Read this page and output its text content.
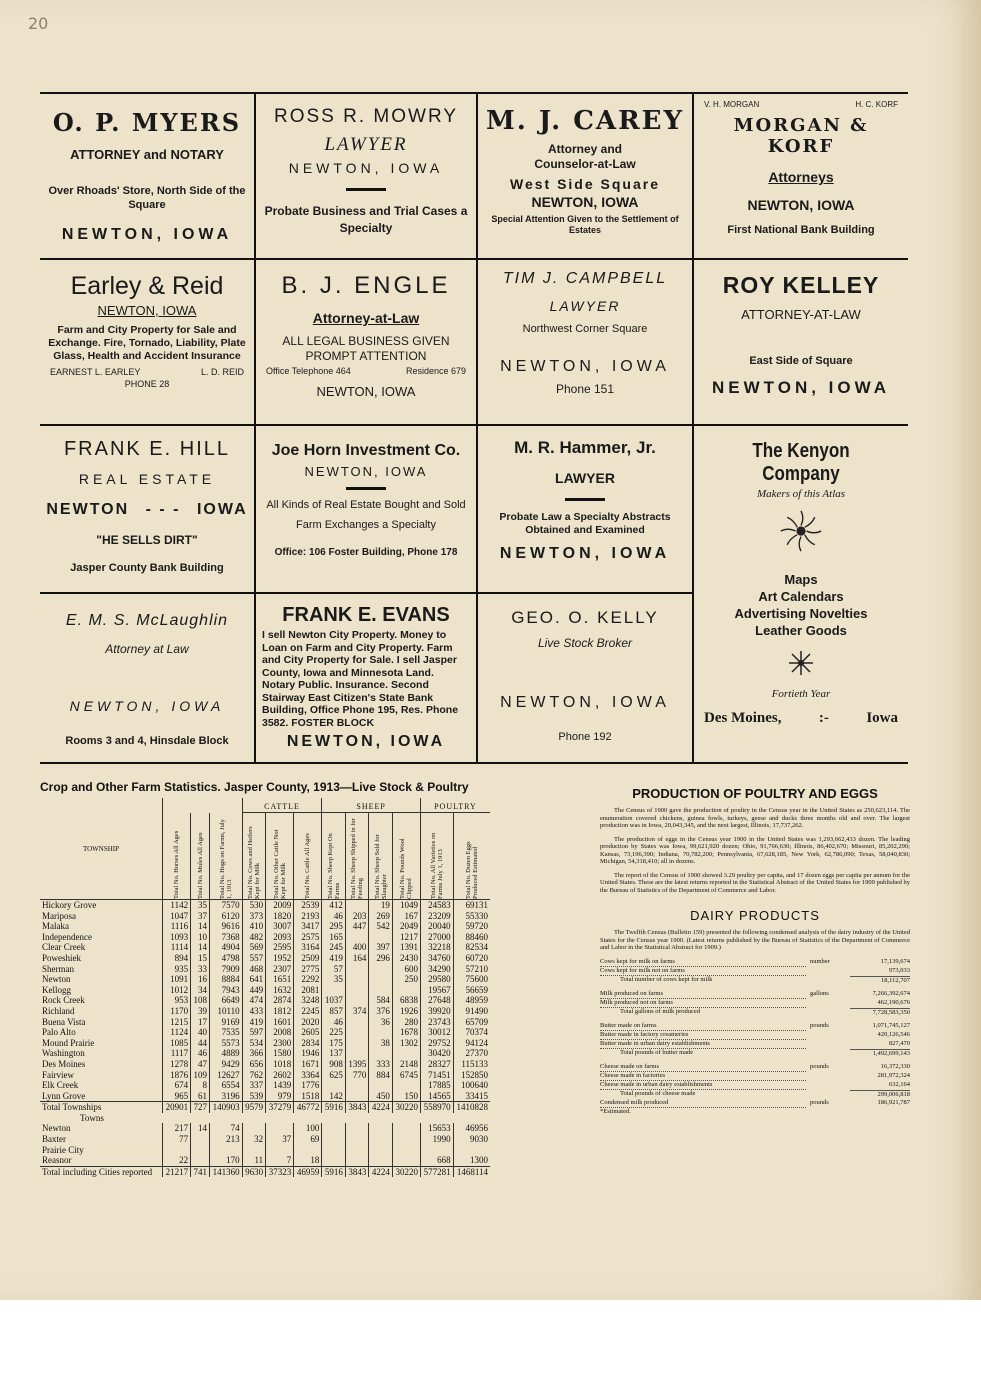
20
O. P. MYERS
ATTORNEY and NOTARY
Over Rhoads' Store, North Side of the Square
NEWTON, IOWA
ROSS R. MOWRY
LAWYER
NEWTON, IOWA
Probate Business and Trial Cases a Specialty
M. J. CAREY
Attorney and Counselor-at-Law
West Side Square
NEWTON, IOWA
Special Attention Given to the Settlement of Estates
V. H. MORGAN	H. C. KORF
MORGAN & KORF
Attorneys
NEWTON, IOWA
First National Bank Building
Earley & Reid
NEWTON, IOWA
Farm and City Property for Sale and Exchange. Fire, Tornado, Liability, Plate Glass, Health and Accident Insurance
EARNEST L. EARLEY	L. D. REID
PHONE 28
B. J. ENGLE
Attorney-at-Law
ALL LEGAL BUSINESS GIVEN PROMPT ATTENTION
Office Telephone 464	Residence 679
NEWTON, IOWA
TIM J. CAMPBELL
LAWYER
Northwest Corner Square
NEWTON, IOWA
Phone 151
ROY KELLEY
ATTORNEY-AT-LAW
East Side of Square
NEWTON, IOWA
FRANK E. HILL
REAL ESTATE
NEWTON - - - IOWA
"HE SELLS DIRT"
Jasper County Bank Building
Joe Horn Investment Co.
NEWTON, IOWA
All Kinds of Real Estate Bought and Sold
Farm Exchanges a Specialty
Office: 106 Foster Building, Phone 178
M. R. Hammer, Jr.
LAWYER
Probate Law a Specialty Abstracts Obtained and Examined
NEWTON, IOWA
The Kenyon Company
Makers of this Atlas
Maps
Art Calendars
Advertising Novelties
Leather Goods
Fortieth Year
Des Moines, :- Iowa
E. M. S. McLaughlin
Attorney at Law
NEWTON, IOWA
Rooms 3 and 4, Hinsdale Block
FRANK E. EVANS
I sell Newton City Property. Money to Loan on Farm and City Property. Farm and City Property for Sale. I sell Jasper County, Iowa and Minnesota Land. Notary Public. Insurance. Second Stairway East Citizen's State Bank Building, Office Phone 195, Res. Phone 3582. FOSTER BLOCK
NEWTON, IOWA
GEO. O. KELLY
Live Stock Broker
NEWTON, IOWA
Phone 192
Crop and Other Farm Statistics. Jasper County, 1913—Live Stock & Poultry
TOWNSHIP				CATTLE			SHEEP				POULTRY	

	Total No. Horses All Ages	Total No. Mules All Ages	Total No. Hogs on Farms, July 1, 1913	Total No. Cows and Heifers Kept for Milk	Total No. Other Cattle Not Kept for Milk	Total No. Cattle All Ages	Total No. Sheep Kept On Farms	Total No. Sheep Shipped in for Feeding	Total No. Sheep Sold for Slaughter	Total No. Pounds Wool Clipped	Total No. All Varieties on Farms July 1, 1913	Total No. Dozen Eggs Produced Estimated

Hickory Grove	1142	35	7570	530	2009	2539	412		19	1049	24583	69131
Mariposa	1047	37	6120	373	1820	2193	46	203	269	167	23209	55330
Malaka	1116	14	9616	410	3007	3417	295	447	542	2049	20040	59720
Independence	1093	10	7368	482	2093	2575	165			1217	27000	88460
Clear Creek	1114	14	4904	569	2595	3164	245	400	397	1391	32218	82534
Poweshiek	894	15	4798	557	1952	2509	419	164	296	2430	34760	60720
Sherman	935	33	7909	468	2307	2775	57			600	34290	57210
Newton	1091	16	8884	641	1651	2292	35			250	29580	75600
Kellogg	1012	34	7943	449	1632	2081					19567	56659
Rock Creek	953	108	6649	474	2874	3248	1037		584	6838	27648	48959
Richland	1170	39	10110	433	1812	2245	857	374	376	1926	39920	91490
Buena Vista	1215	17	9169	419	1601	2020	46		36	280	23743	65709
Palo Alto	1124	40	7535	597	2008	2605	225			1678	30012	70374
Mound Prairie	1085	44	5573	534	2300	2834	175		38	1302	29752	94124
Washington	1117	46	4889	366	1580	1946	137				30420	27370
Des Moines	1278	47	9429	656	1018	1671	908	1395	333	2148	28327	115133
Fairview	1876	109	12627	762	2602	3364	625	770	884	6745	71451	152850
Elk Creek	674	8	6554	337	1439	1776					17885	100640
Lynn Grove	965	61	3196	539	979	1518	142		450	150	14565	33415
Total Townships	20901	727	140903	9579	37279	46772	5916	3843	4224	30220	558970	1410828
Towns												
Newton	217	14	74			100					15653	46956
Baxter	77		213	32	37	69					1990	9030
Prairie City												
Reasnor	22		170	11	7	18					668	1300
Total including Cities reported	21217	741	141360	9630	37323	46959	5916	3843	4224	30220	577281	1468114
PRODUCTION OF POULTRY AND EGGS

The Census of 1900 gave the production of poultry in the Census year in the United States as 250,623,114. The enumeration covered chickens, guinea fowls, turkeys, geese and ducks three months old and over. The largest production was in Iowa, 20,043,345, and the next largest, Illinois, 17,737,262.

The production of eggs in the Census year 1900 in the United States was 1,293,662,433 dozen. The leading production by States was Iowa, 99,621,920 dozen; Ohio, 91,766,630; Illinois, 86,402,670; Missouri, 85,202,290; Kansas, 73,196,390; Indiana, 70,782,200; Pennsylvania, 67,628,185, New York, 62,786,090; Texas, 58,040,830; Michigan, 54,318,410; all in dozens.

The report of the Census of 1900 showed 3.29 poultry per capita, and 17 dozen eggs per capita per annum for the United States. These are the latest returns reported in the Statistical Abstract of the United States for 1909 published by the Bureau of Statistics of the Department of Commerce and Labor.

DAIRY PRODUCTS

The Twelfth Census (Bulletin 159) presented the following condensed analysis of the dairy industry of the United States for the Census year 1900. (Latest returns published by the Bureau of Statistics of the Department of Commerce and Labor in the Statistical Abstract for 1909.)

Cows kept for milk on farms	number	17,139,674
Cows kept for milk not on farms	973,033
Total number of cows kept for milk	18,112,707
Milk produced on farms	gallons	7,266,392,674
Milk produced not on farms	462,190,676
Total gallons of milk produced	7,728,583,350
Butter made on farms	pounds	1,071,745,127
Butter made in factory creameries	420,126,546
Butter made in urban dairy establishments	827,470
Total pounds of butter made	1,492,699,143
Cheese made on farms	pounds	16,372,330
Cheese made in factories	281,972,324
Cheese made in urban dairy establishments	632,164
Total pounds of cheese made	299,006,818
Condensed milk produced	pounds	186,921,787
*Estimated.
